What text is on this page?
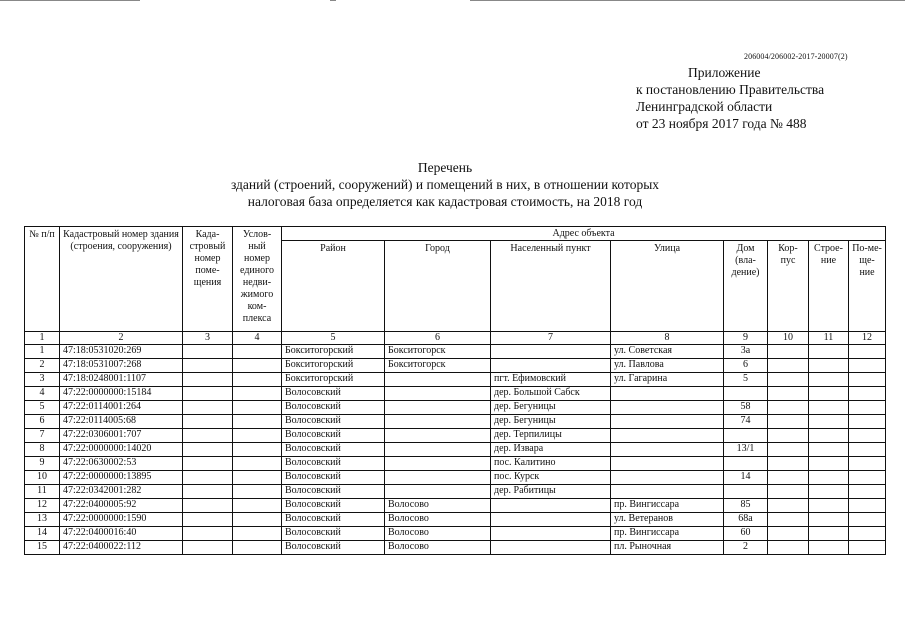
206004/206002-2017-20007(2)
Приложение
к постановлению Правительства
Ленинградской области
от 23 ноября 2017 года № 488
Перечень
зданий (строений, сооружений) и помещений в них, в отношении которых
налоговая база определяется как кадастровая стоимость, на 2018 год
№ п/п	Кадастровый номер здания (строения, сооружения)	Када-стровый номер поме-щения	Услов-ный номер единого недви-жимого ком-плекса	Адрес объекта							
				Район	Город	Населенный пункт	Улица	Дом (вла-дение)	Кор-пус	Строе-ние	По-ме-ще-ние
1	2	3	4	5	6	7	8	9	10	11	12
1	47:18:0531020:269			Бокситогорский	Бокситогорск		ул. Советская	3а			
2	47:18:0531007:268			Бокситогорский	Бокситогорск		ул. Павлова	6			
3	47:18:0248001:1107			Бокситогорский		пгт. Ефимовский	ул. Гагарина	5			
4	47:22:0000000:15184			Волосовский		дер. Большой Сабск					
5	47:22:0114001:264			Волосовский		дер. Бегуницы		58			
6	47:22:0114005:68			Волосовский		дер. Бегуницы		74			
7	47:22:0306001:707			Волосовский		дер. Терпилицы					
8	47:22:0000000:14020			Волосовский		дер. Извара		13/1			
9	47:22:0630002:53			Волосовский		пос. Калитино					
10	47:22:0000000:13895			Волосовский		пос. Курск		14			
11	47:22:0342001:282			Волосовский		дер. Рабитицы					
12	47:22:0400005:92			Волосовский	Волосово		пр. Вингиссара	85			
13	47:22:0000000:1590			Волосовский	Волосово		ул. Ветеранов	68а			
14	47:22:0400016:40			Волосовский	Волосово		пр. Вингиссара	60			
15	47:22:0400022:112			Волосовский	Волосово		пл. Рыночная	2			
